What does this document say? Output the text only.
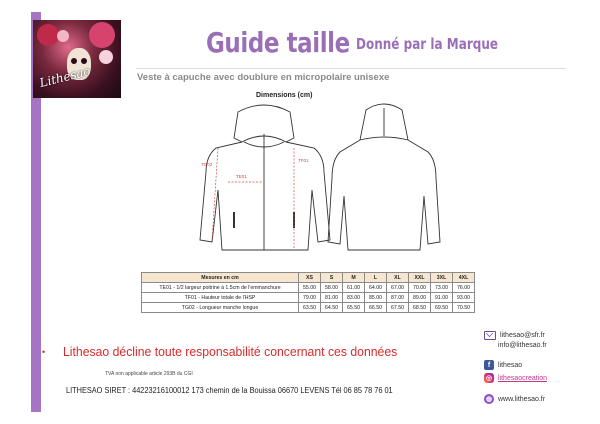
Lithesao
Guide taille Donné par la Marque
Veste à capuche avec doublure en micropolaire unisexe
Dimensions (cm)
TG02
TE01
TF01
Mesures en cm	XS	S	M	L	XL	XXL	3XL	4XL
TE01 - 1/2 largeur poitrine à 1.5cm de l'emmanchure	55.00	58.00	61.00	64.00	67.00	70.00	73.00	76.00
TF01 - Hauteur totale de l'HSP	79.00	81.00	83.00	85.00	87.00	89.00	91.00	93.00
TG02 - Longueur manche longue	63.50	64.50	65.50	66.50	67.50	68.50	69.50	70.50
• Lithesao décline toute responsabilité concernant ces données
TVA non applicable article 293B du CGI
LITHESAO SIRET : 44223216100012 173 chemin de la Bouissa 06670 LEVENS Tél 06 85 78 76 01
lithesao@sfr.fr
info@lithesao.fr
f	lithesao
◎ lithesaocreation
◍ www.lithesao.fr
